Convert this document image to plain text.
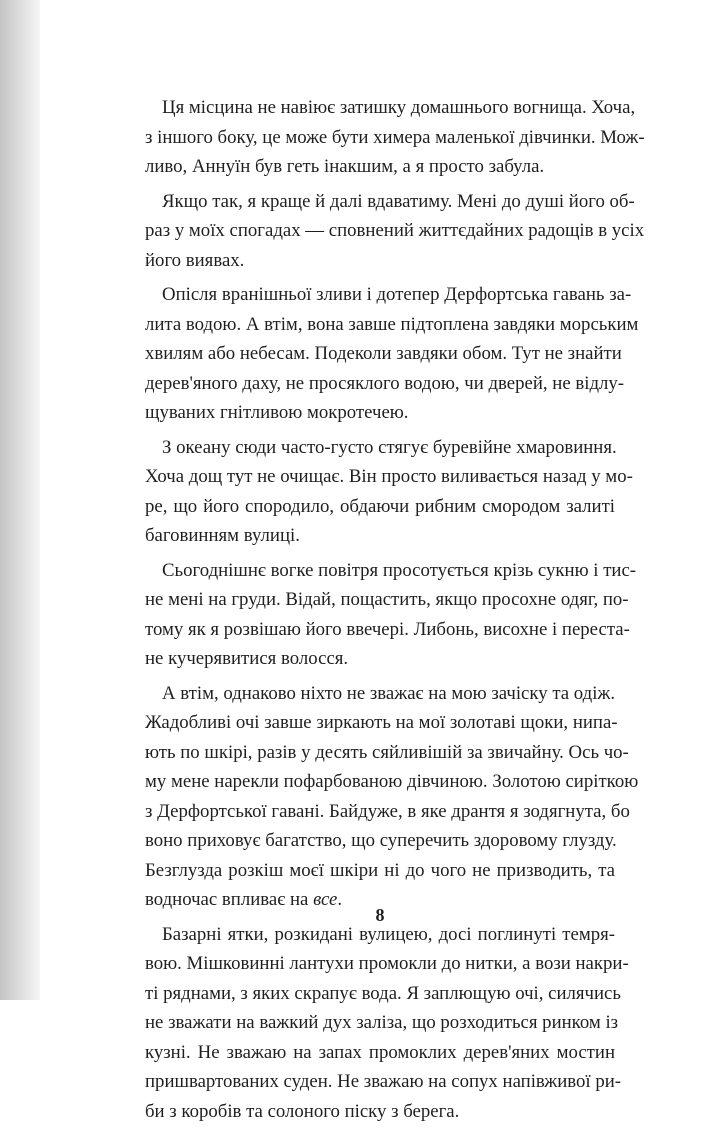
Ця місцина не навіює затишку домашнього вогнища. Хоча,
з іншого боку, це може бути химера маленької дівчинки. Мож-
ливо, Аннуїн був геть інакшим, а я просто забула.

Якщо так, я краще й далі вдаватиму. Мені до душі його об-
раз у моїх спогадах — сповнений життєдайних радощів в усіх
його виявах.

Опісля вранішньої зливи і дотепер Дерфортська гавань за-
лита водою. А втім, вона завше підтоплена завдяки морським
хвилям або небесам. Подеколи завдяки обом. Тут не знайти
дерев'яного даху, не просяклого водою, чи дверей, не відлу-
щуваних гнітливою мокротечею.

З океану сюди часто-густо стягує буревійне хмаровиння.
Хоча дощ тут не очищає. Він просто виливається назад у мо-
ре, що його спородило, обдаючи рибним смородом залиті
баговинням вулиці.

Сьогоднішнє вогке повітря просотується крізь сукню і тис-
не мені на груди. Відай, пощастить, якщо просохне одяг, по-
тому як я розвішаю його ввечері. Либонь, висохне і переста-
не кучерявитися волосся.

А втім, однаково ніхто не зважає на мою зачіску та одіж.
Жадобливі очі завше зиркають на мої золотаві щоки, нипа-
ють по шкірі, разів у десять сяйливішій за звичайну. Ось чо-
му мене нарекли пофарбованою дівчиною. Золотою сиріткою
з Дерфортської гавані. Байдуже, в яке дрантя я зодягнута, бо
воно приховує багатство, що суперечить здоровому глузду.
Безглузда розкіш моєї шкіри ні до чого не призводить, та
водночас впливає на все.

Базарні ятки, розкидані вулицею, досі поглинуті темря-
вою. Мішковинні лантухи промокли до нитки, а вози накри-
ті ряднами, з яких скрапує вода. Я заплющую очі, силячись
не зважати на важкий дух заліза, що розходиться ринком із
кузні. Не зважаю на запах промоклих дерев'яних мостин
пришвартованих суден. Не зважаю на сопух напівживої ри-
би з коробів та солоного піску з берега.

8
